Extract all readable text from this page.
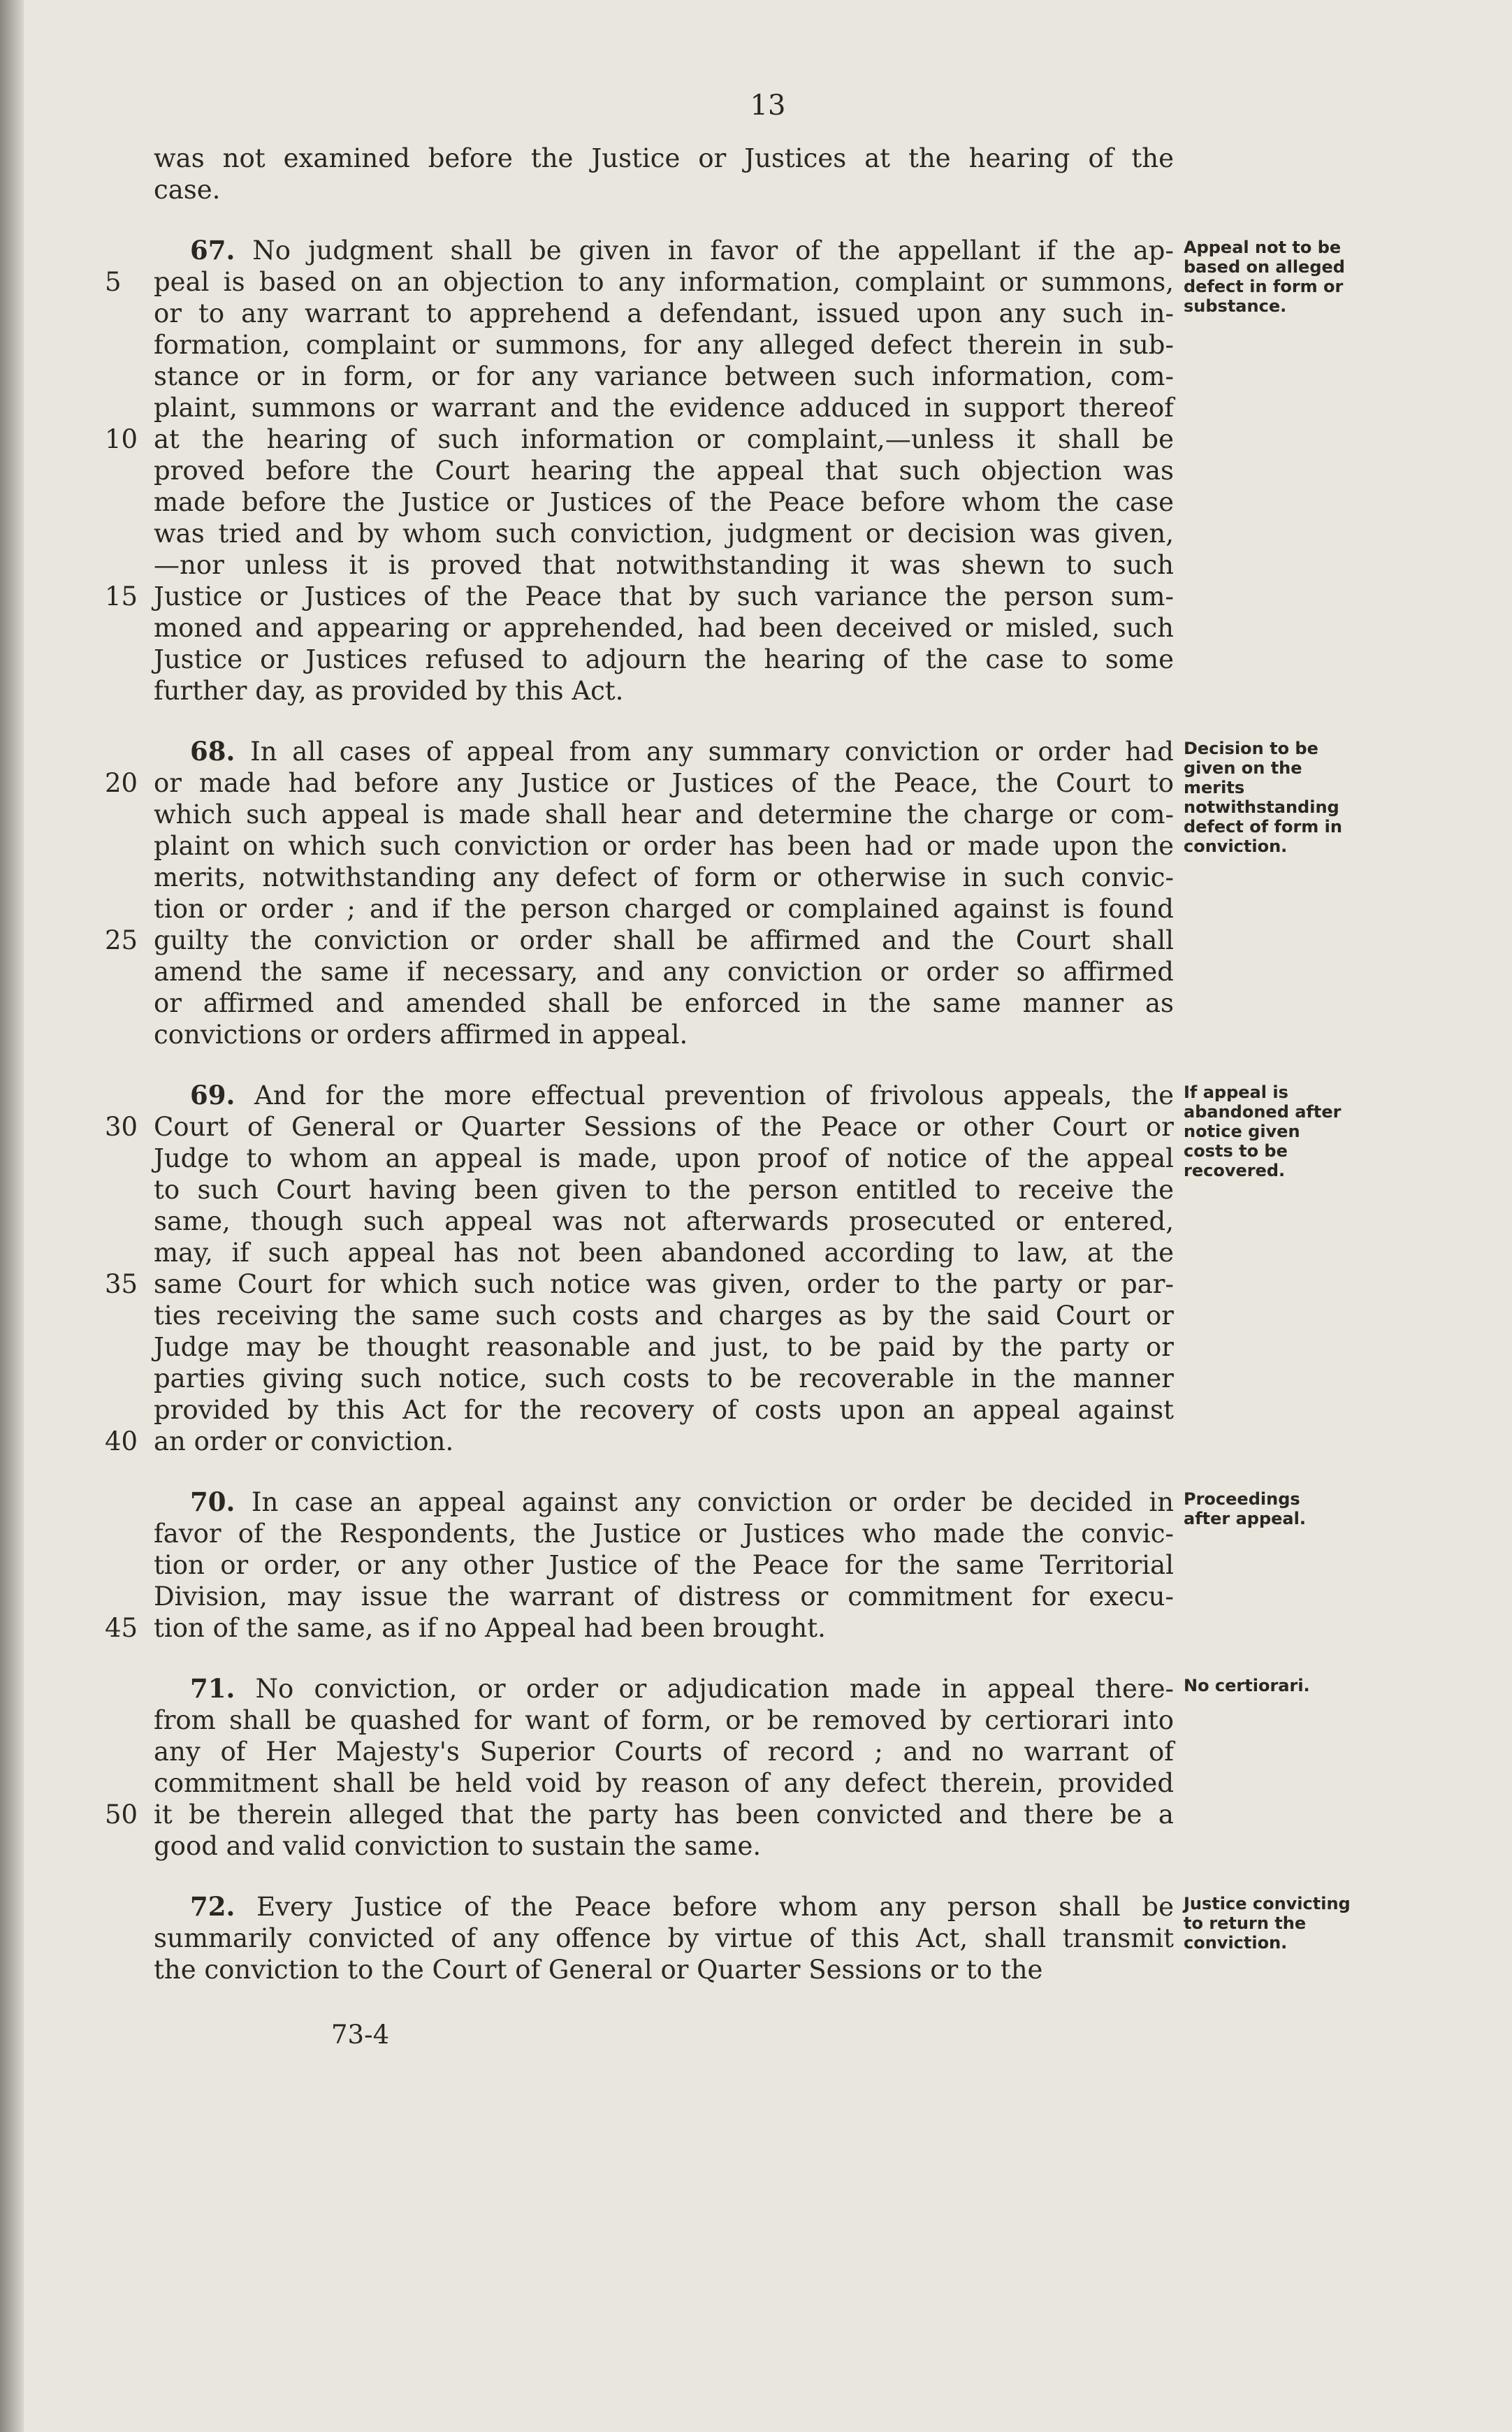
13
was not examined before the Justice or Justices at the hearing of the
case.
67. No judgment shall be given in favor of the appellant if the ap-
5	peal is based on an objection to any information, complaint or summons,
or to any warrant to apprehend a defendant, issued upon any such in-
formation, complaint or summons, for any alleged defect therein in sub-
stance or in form, or for any variance between such information, com-
plaint, summons or warrant and the evidence adduced in support thereof
10 at the hearing of such information or complaint,—unless it shall be
proved before the Court hearing the appeal that such objection was
made before the Justice or Justices of the Peace before whom the case
was tried and by whom such conviction, judgment or decision was given,
—nor unless it is proved that notwithstanding it was shewn to such
15 Justice or Justices of the Peace that by such variance the person sum-
moned and appearing or apprehended, had been deceived or misled, such
Justice or Justices refused to adjourn the hearing of the case to some
further day, as provided by this Act.
68. In all cases of appeal from any summary conviction or order had
20 or made had before any Justice or Justices of the Peace, the Court to
which such appeal is made shall hear and determine the charge or com-
plaint on which such conviction or order has been had or made upon the
merits, notwithstanding any defect of form or otherwise in such convic-
tion or order ; and if the person charged or complained against is found
25 guilty the conviction or order shall be affirmed and the Court shall
amend the same if necessary, and any conviction or order so affirmed
or affirmed and amended shall be enforced in the same manner as
convictions or orders affirmed in appeal.
69. And for the more effectual prevention of frivolous appeals, the
30 Court of General or Quarter Sessions of the Peace or other Court or
Judge to whom an appeal is made, upon proof of notice of the appeal
to such Court having been given to the person entitled to receive the
same, though such appeal was not afterwards prosecuted or entered,
may, if such appeal has not been abandoned according to law, at the
35 same Court for which such notice was given, order to the party or par-
ties receiving the same such costs and charges as by the said Court or
Judge may be thought reasonable and just, to be paid by the party or
parties giving such notice, such costs to be recoverable in the manner
provided by this Act for the recovery of costs upon an appeal against
40 an order or conviction.
70. In case an appeal against any conviction or order be decided in
favor of the Respondents, the Justice or Justices who made the convic-
tion or order, or any other Justice of the Peace for the same Territorial
Division, may issue the warrant of distress or commitment for execu-
45 tion of the same, as if no Appeal had been brought.
71. No conviction, or order or adjudication made in appeal there-
from shall be quashed for want of form, or be removed by certiorari into
any of Her Majesty's Superior Courts of record ; and no warrant of
commitment shall be held void by reason of any defect therein, provided
50 it be therein alleged that the party has been convicted and there be a
good and valid conviction to sustain the same.
72. Every Justice of the Peace before whom any person shall be
summarily convicted of any offence by virtue of this Act, shall transmit
the conviction to the Court of General or Quarter Sessions or to the
73-4
Appeal not to be based on alleged defect in form or substance.
Decision to be given on the merits notwithstanding defect of form in conviction.
If appeal is abandoned after notice given costs to be recovered.
Proceedings after appeal.
No certiorari.
Justice convicting to return the conviction.
